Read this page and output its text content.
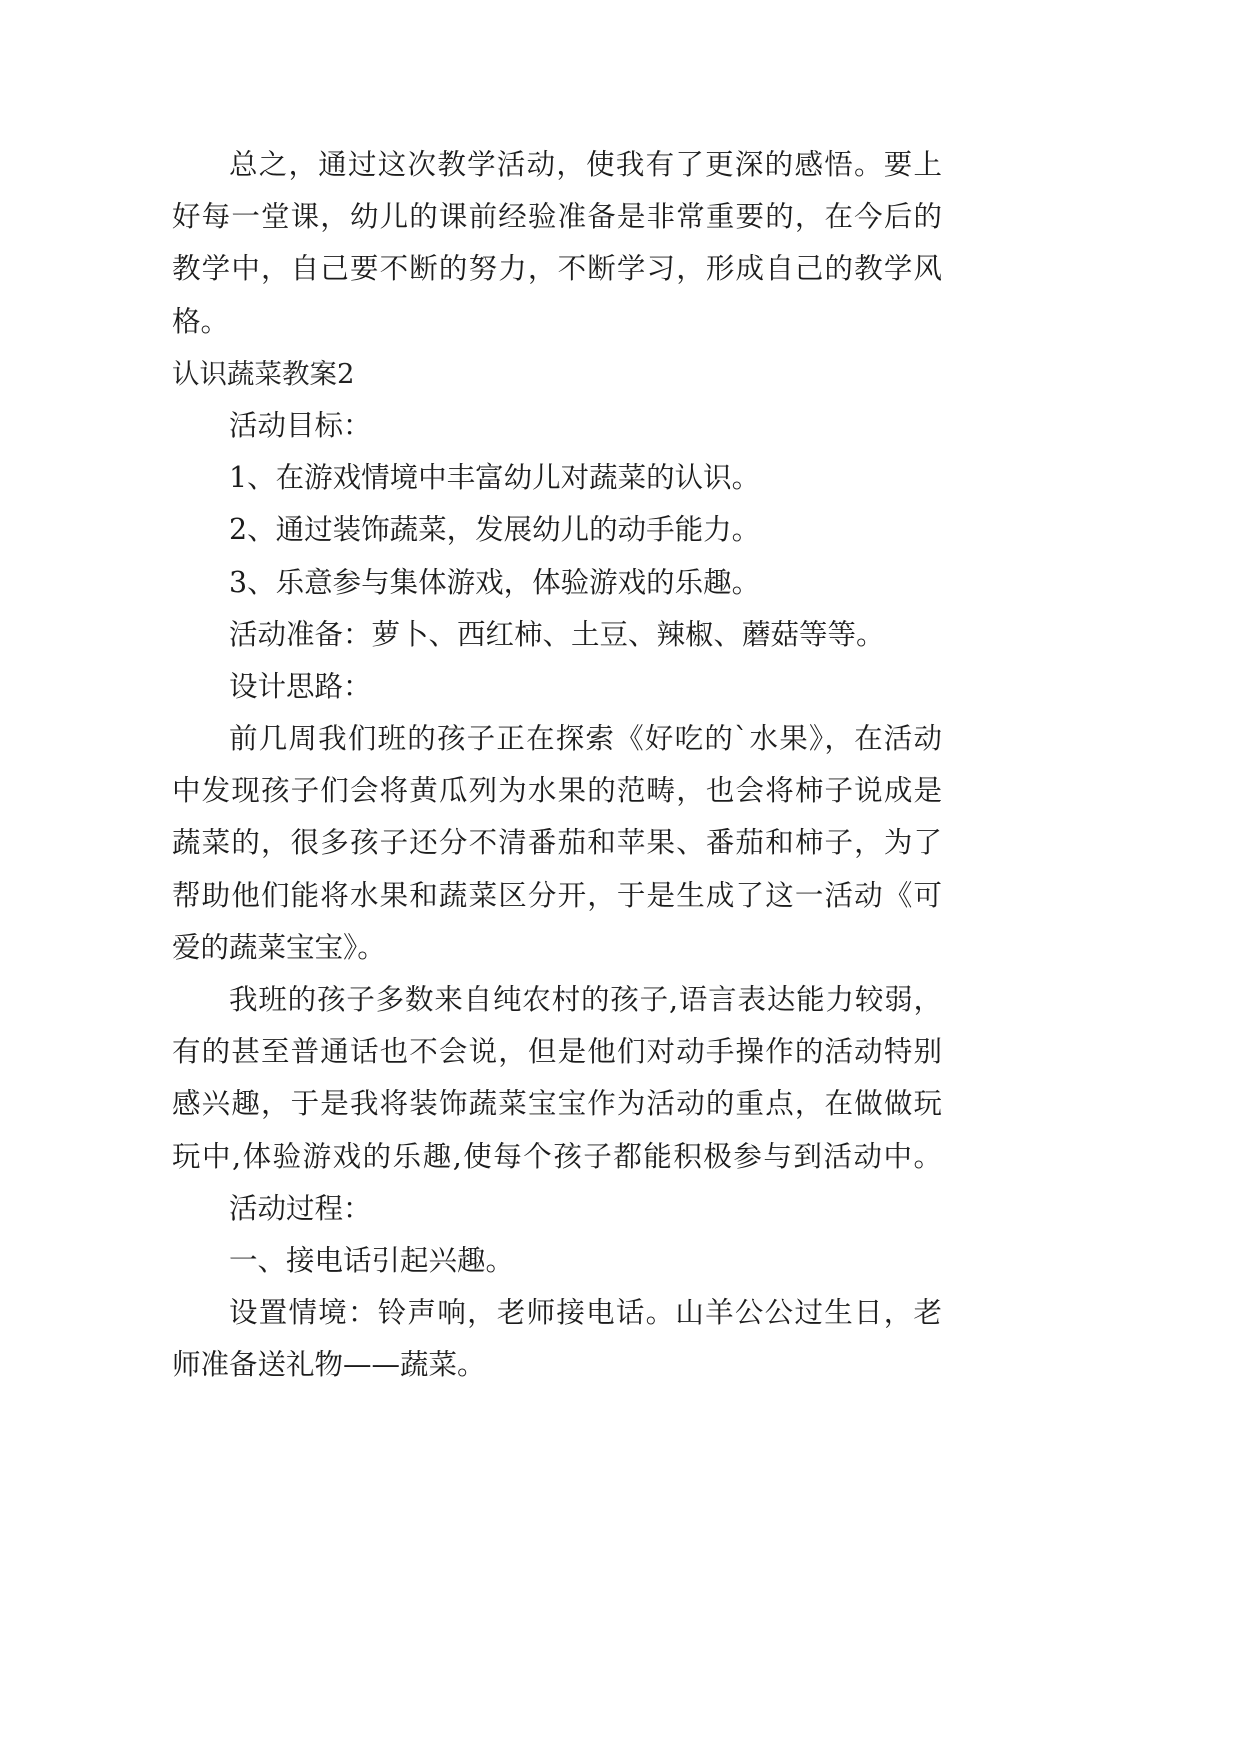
总之，通过这次教学活动，使我有了更深的感悟。要上
好每一堂课，幼儿的课前经验准备是非常重要的，在今后的
教学中，自己要不断的努力，不断学习，形成自己的教学风
格。
认识蔬菜教案2
活动目标：
1、在游戏情境中丰富幼儿对蔬菜的认识。
2、通过装饰蔬菜，发展幼儿的动手能力。
3、乐意参与集体游戏，体验游戏的乐趣。
活动准备：萝卜、西红柿、土豆、辣椒、蘑菇等等。
设计思路：
前几周我们班的孩子正在探索《好吃的`水果》，在活动
中发现孩子们会将黄瓜列为水果的范畴，也会将柿子说成是
蔬菜的，很多孩子还分不清番茄和苹果、番茄和柿子，为了
帮助他们能将水果和蔬菜区分开，于是生成了这一活动《可
爱的蔬菜宝宝》。
我班的孩子多数来自纯农村的孩子,语言表达能力较弱，
有的甚至普通话也不会说，但是他们对动手操作的活动特别
感兴趣，于是我将装饰蔬菜宝宝作为活动的重点，在做做玩
玩中,体验游戏的乐趣,使每个孩子都能积极参与到活动中。
活动过程：
一、接电话引起兴趣。
设置情境：铃声响，老师接电话。山羊公公过生日，老
师准备送礼物——蔬菜。
